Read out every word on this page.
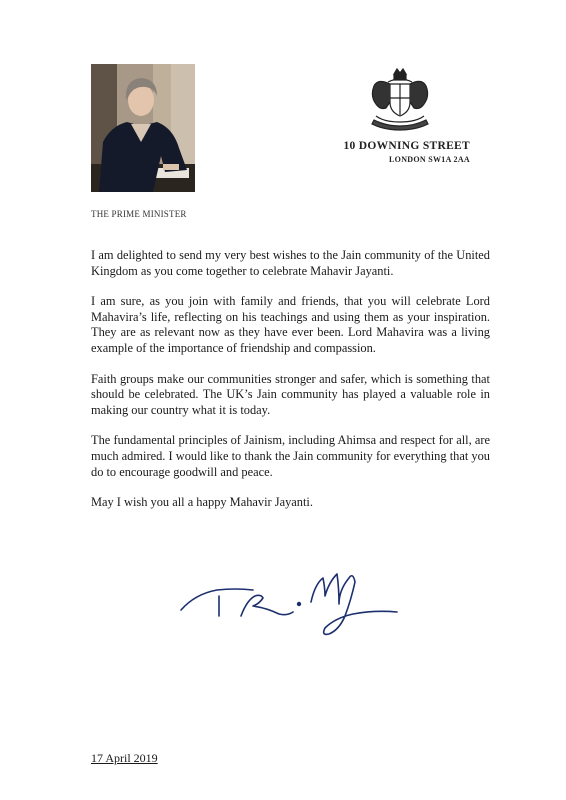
10 DOWNING STREET
LONDON SW1A 2AA
THE PRIME MINISTER

I am delighted to send my very best wishes to the Jain community of the United Kingdom as you come together to celebrate Mahavir Jayanti.

I am sure, as you join with family and friends, that you will celebrate Lord Mahavira’s life, reflecting on his teachings and using them as your inspiration. They are as relevant now as they have ever been. Lord Mahavira was a living example of the importance of friendship and compassion.

Faith groups make our communities stronger and safer, which is something that should be celebrated. The UK’s Jain community has played a valuable role in making our country what it is today.

The fundamental principles of Jainism, including Ahimsa and respect for all, are much admired. I would like to thank the Jain community for everything that you do to encourage goodwill and peace.

May I wish you all a happy Mahavir Jayanti.

17 April 2019
